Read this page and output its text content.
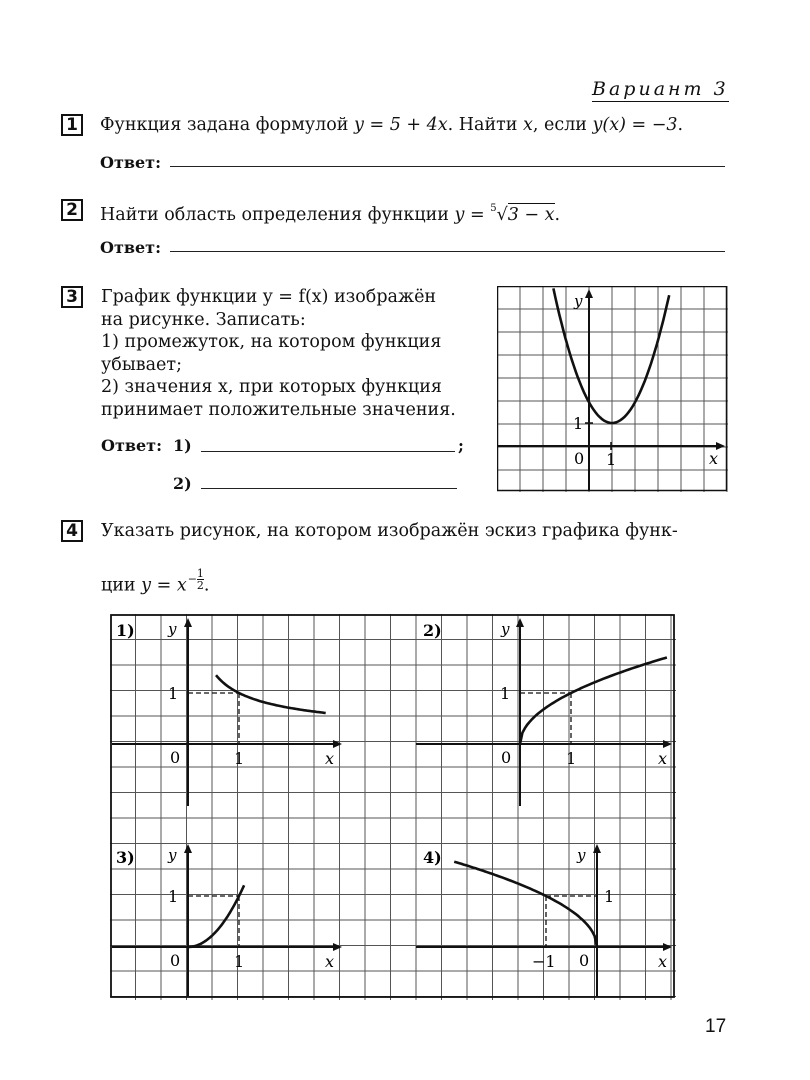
Вариант 3
1 Функция задана формулой y = 5 + 4x. Найти x, если y(x) = −3.
Ответ:
2 Найти область определения функции y = $^5$√3 − x.
Ответ:
3 График функции y = f(x) изображён
на рисунке. Записать:
1) промежуток, на котором функция
убывает;
2) значения x, при которых функция
принимает положительные значения.
Ответ: 1)	;
2)
y
x
0 1
1
4 Указать рисунок, на котором изображён эскиз графика функ-
ции $y = x- \frac{1}{2}$ .
1) y
x
0	1
1
2)	y
x
0	1
1
3) y
x
0	1
1
4)	y
x
0
−1
1
17
